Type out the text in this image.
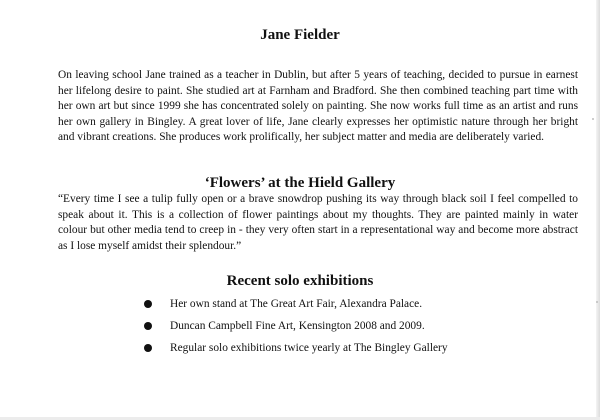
Jane Fielder

On leaving school Jane trained as a teacher in Dublin, but after 5 years of teaching, decided to pursue in earnest her lifelong desire to paint. She studied art at Farnham and Bradford. She then combined teaching part time with her own art but since 1999 she has concentrated solely on painting. She now works full time as an artist and runs her own gallery in Bingley. A great lover of life, Jane clearly expresses her optimistic nature through her bright and vibrant creations. She produces work prolifically, her subject matter and media are deliberately varied.

‘Flowers’ at the Hield Gallery

“Every time I see a tulip fully open or a brave snowdrop pushing its way through black soil I feel compelled to speak about it. This is a collection of flower paintings about my thoughts. They are painted mainly in water colour but other media tend to creep in - they very often start in a representational way and become more abstract as I lose myself amidst their splendour.”

Recent solo exhibitions
Her own stand at The Great Art Fair, Alexandra Palace.
Duncan Campbell Fine Art, Kensington 2008 and 2009.
Regular solo exhibitions twice yearly at The Bingley Gallery
